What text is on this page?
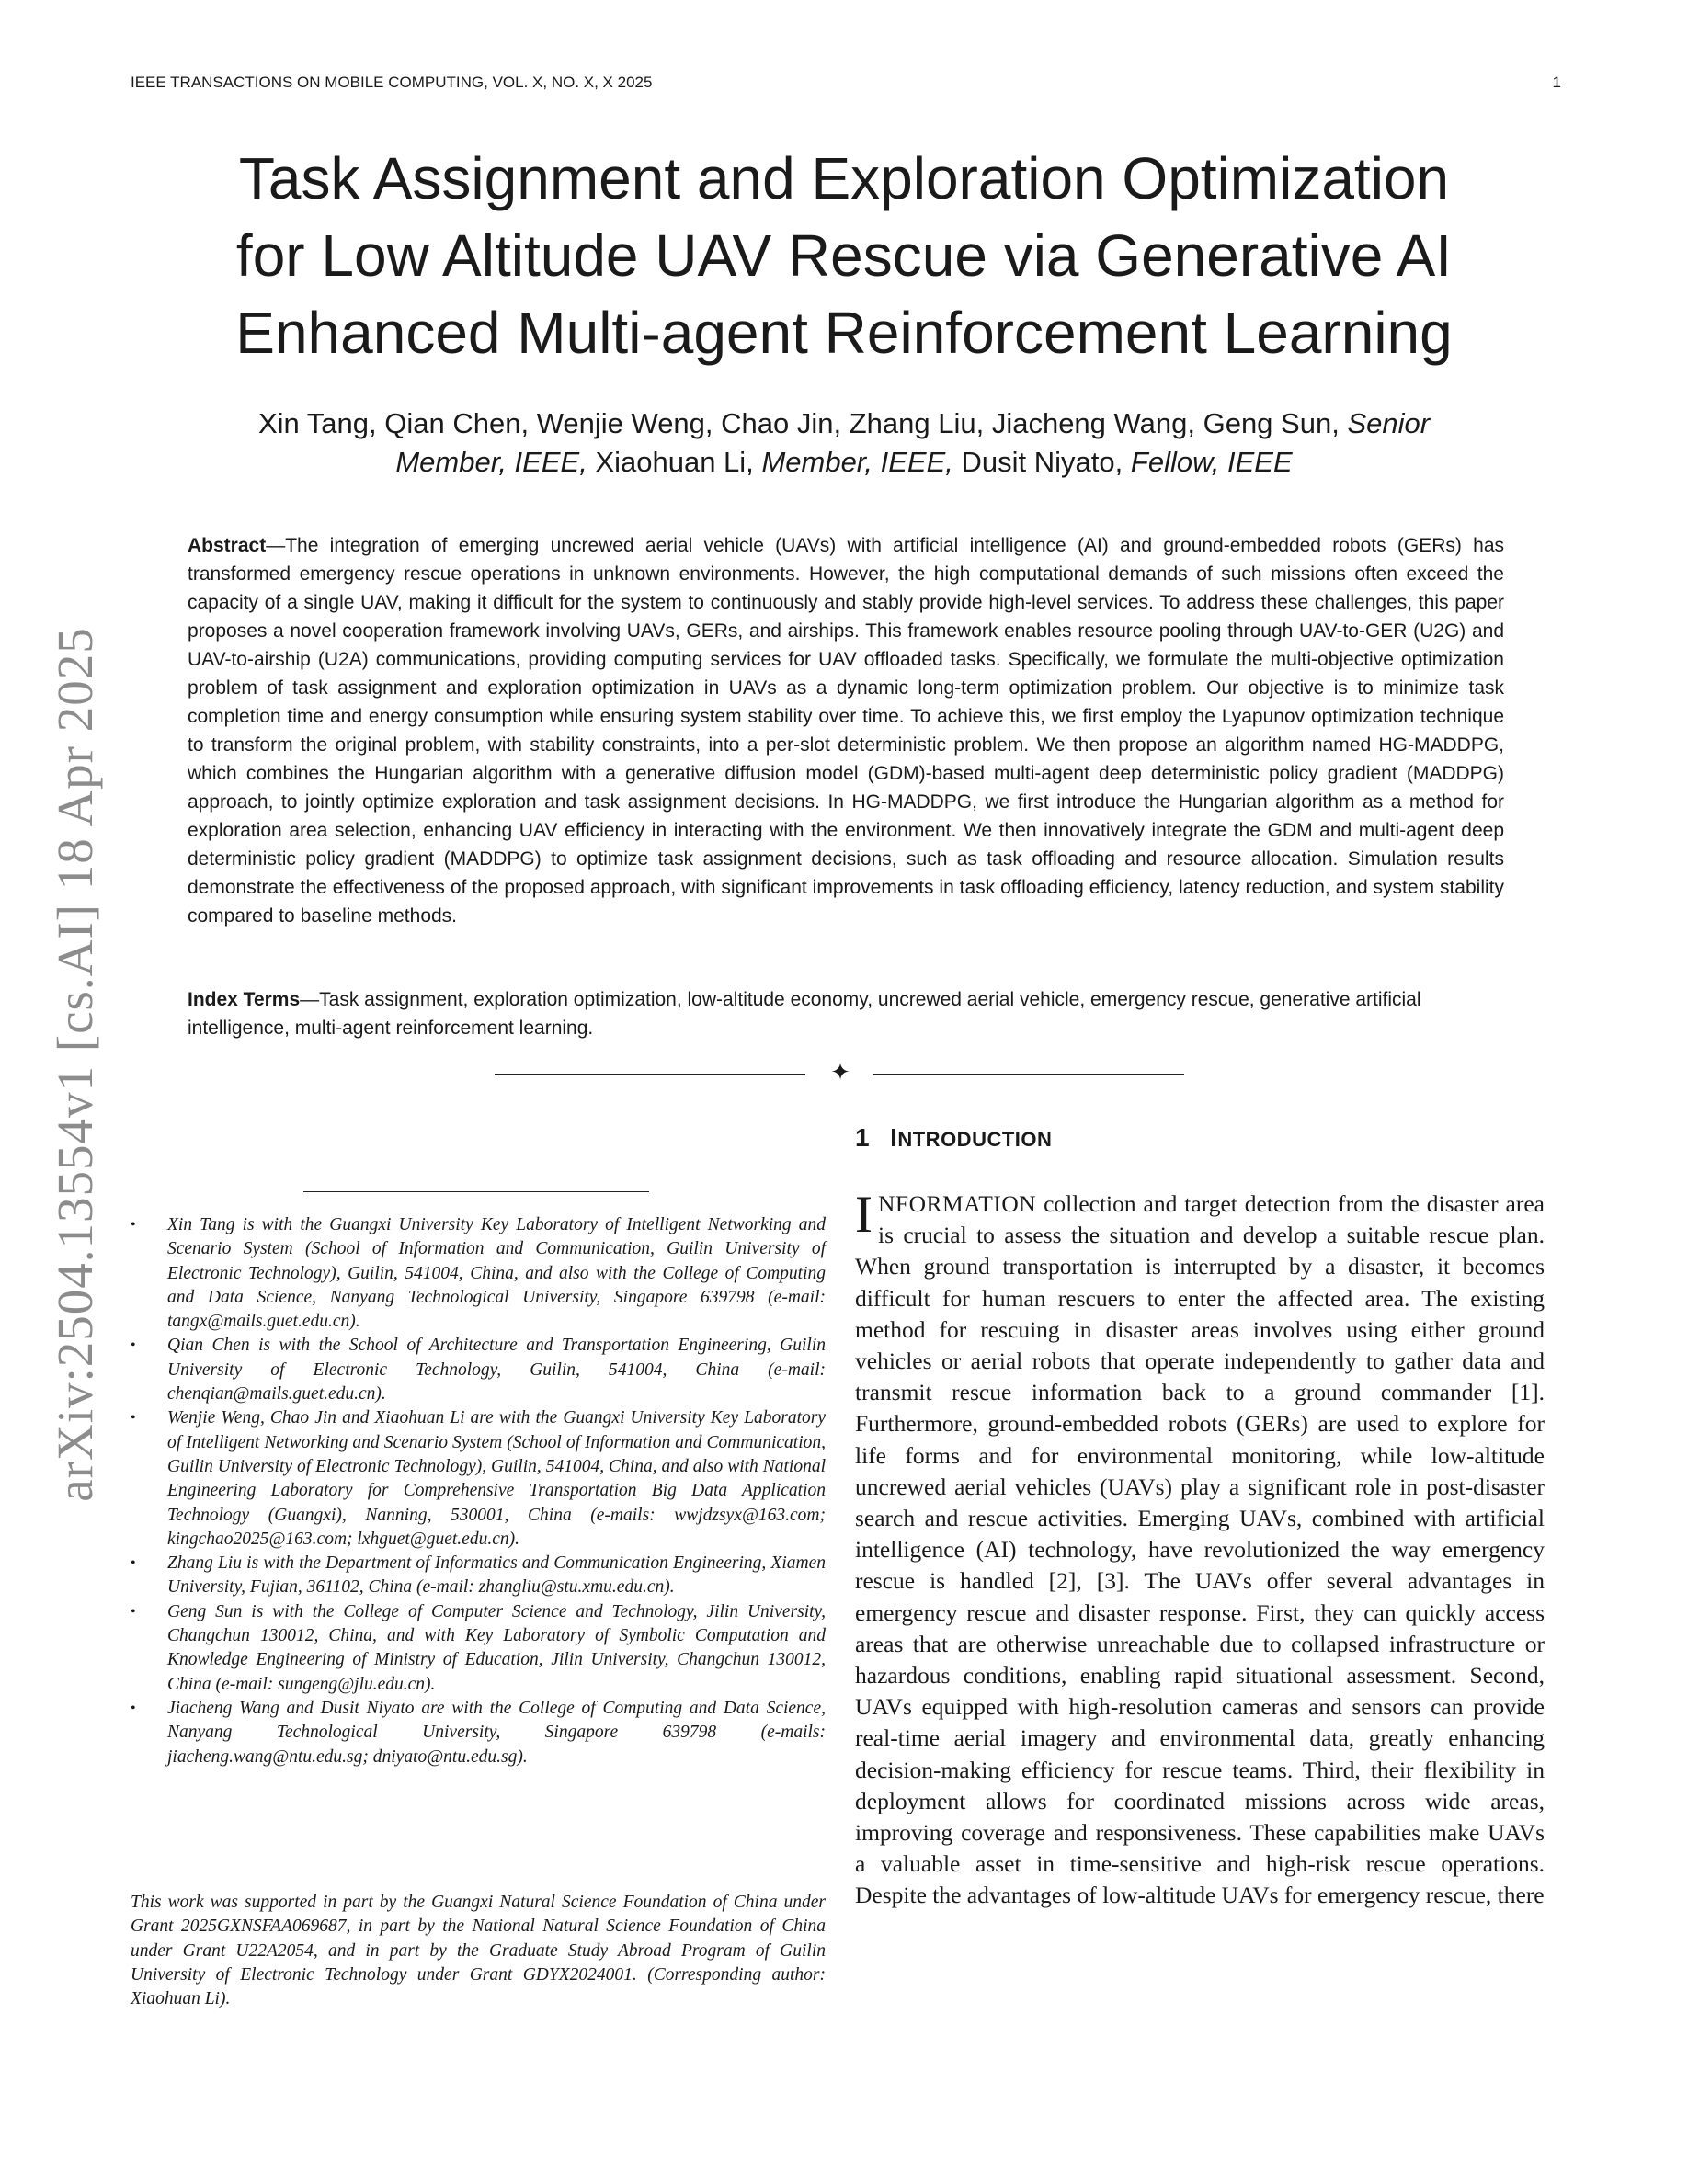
IEEE TRANSACTIONS ON MOBILE COMPUTING, VOL. X, NO. X, X 2025	1
arXiv:2504.13554v1 [cs.AI] 18 Apr 2025
Task Assignment and Exploration Optimization
for Low Altitude UAV Rescue via Generative AI
Enhanced Multi-agent Reinforcement Learning
Xin Tang, Qian Chen, Wenjie Weng, Chao Jin, Zhang Liu, Jiacheng Wang, Geng Sun, Senior
Member, IEEE, Xiaohuan Li, Member, IEEE, Dusit Niyato, Fellow, IEEE

Abstract—The integration of emerging uncrewed aerial vehicle (UAVs) with artificial intelligence (AI) and ground-embedded robots (GERs) has transformed emergency rescue operations in unknown environments. However, the high computational demands of such missions often exceed the capacity of a single UAV, making it difficult for the system to continuously and stably provide high-level services. To address these challenges, this paper proposes a novel cooperation framework involving UAVs, GERs, and airships. This framework enables resource pooling through UAV-to-GER (U2G) and UAV-to-airship (U2A) communications, providing computing services for UAV offloaded tasks. Specifically, we formulate the multi-objective optimization problem of task assignment and exploration optimization in UAVs as a dynamic long-term optimization problem. Our objective is to minimize task completion time and energy consumption while ensuring system stability over time. To achieve this, we first employ the Lyapunov optimization technique to transform the original problem, with stability constraints, into a per-slot deterministic problem. We then propose an algorithm named HG-MADDPG, which combines the Hungarian algorithm with a generative diffusion model (GDM)-based multi-agent deep deterministic policy gradient (MADDPG) approach, to jointly optimize exploration and task assignment decisions. In HG-MADDPG, we first introduce the Hungarian algorithm as a method for exploration area selection, enhancing UAV efficiency in interacting with the environment. We then innovatively integrate the GDM and multi-agent deep deterministic policy gradient (MADDPG) to optimize task assignment decisions, such as task offloading and resource allocation. Simulation results demonstrate the effectiveness of the proposed approach, with significant improvements in task offloading efficiency, latency reduction, and system stability compared to baseline methods.

Index Terms—Task assignment, exploration optimization, low-altitude economy, uncrewed aerial vehicle, emergency rescue, generative artificial intelligence, multi-agent reinforcement learning.

✦
1 INTRODUCTION
• Xin Tang is with the Guangxi University Key Laboratory of Intelligent Networking and Scenario System (School of Information and Communication, Guilin University of Electronic Technology), Guilin, 541004, China, and also with the College of Computing and Data Science, Nanyang Technological University, Singapore 639798 (e-mail: tangx@mails.guet.edu.cn).
• Qian Chen is with the School of Architecture and Transportation Engineering, Guilin University of Electronic Technology, Guilin, 541004, China (e-mail: chenqian@mails.guet.edu.cn).
• Wenjie Weng, Chao Jin and Xiaohuan Li are with the Guangxi University Key Laboratory of Intelligent Networking and Scenario System (School of Information and Communication, Guilin University of Electronic Technology), Guilin, 541004, China, and also with National Engineering Laboratory for Comprehensive Transportation Big Data Application Technology (Guangxi), Nanning, 530001, China (e-mails: wwjdzsyx@163.com; kingchao2025@163.com; lxhguet@guet.edu.cn).
• Zhang Liu is with the Department of Informatics and Communication Engineering, Xiamen University, Fujian, 361102, China (e-mail: zhangliu@stu.xmu.edu.cn).
• Geng Sun is with the College of Computer Science and Technology, Jilin University, Changchun 130012, China, and with Key Laboratory of Symbolic Computation and Knowledge Engineering of Ministry of Education, Jilin University, Changchun 130012, China (e-mail: sungeng@jlu.edu.cn).
• Jiacheng Wang and Dusit Niyato are with the College of Computing and Data Science, Nanyang Technological University, Singapore 639798 (e-mails: jiacheng.wang@ntu.edu.sg; dniyato@ntu.edu.sg).

This work was supported in part by the Guangxi Natural Science Foundation of China under Grant 2025GXNSFAA069687, in part by the National Natural Science Foundation of China under Grant U22A2054, and in part by the Graduate Study Abroad Program of Guilin University of Electronic Technology under Grant GDYX2024001. (Corresponding author: Xiaohuan Li).

INFORMATION collection and target detection from the disaster area is crucial to assess the situation and develop a suitable rescue plan. When ground transportation is interrupted by a disaster, it becomes difficult for human rescuers to enter the affected area. The existing method for rescuing in disaster areas involves using either ground vehicles or aerial robots that operate independently to gather data and transmit rescue information back to a ground commander [1]. Furthermore, ground-embedded robots (GERs) are used to explore for life forms and for environmental monitoring, while low-altitude uncrewed aerial vehicles (UAVs) play a significant role in post-disaster search and rescue activities. Emerging UAVs, combined with artificial intelligence (AI) technology, have revolutionized the way emergency rescue is handled [2], [3]. The UAVs offer several advantages in emergency rescue and disaster response. First, they can quickly access areas that are otherwise unreachable due to collapsed infrastructure or hazardous conditions, enabling rapid situational assessment. Second, UAVs equipped with high-resolution cameras and sensors can provide real-time aerial imagery and environmental data, greatly enhancing decision-making efficiency for rescue teams. Third, their flexibility in deployment allows for coordinated missions across wide areas, improving coverage and responsiveness. These capabilities make UAVs a valuable asset in time-sensitive and high-risk rescue operations. Despite the advantages of low-altitude UAVs for emergency rescue, there
